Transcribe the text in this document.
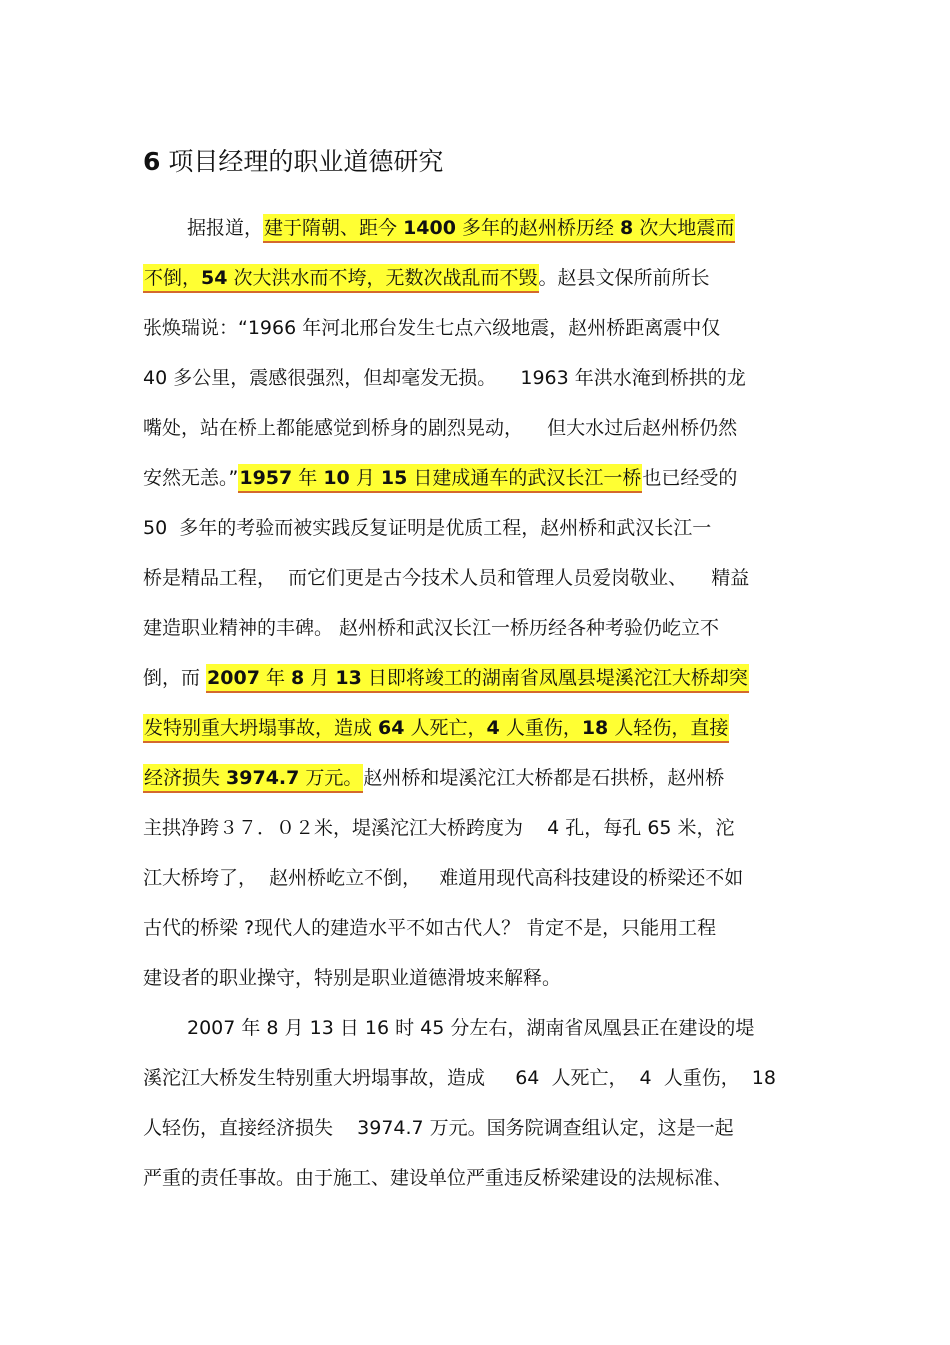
6 项目经理的职业道德研究
据报道，建于隋朝、距今 1400 多年的赵州桥历经 8 次大地震而
不倒，54 次大洪水而不垮，无数次战乱而不毁。赵县文保所前所长
张焕瑞说：“1966 年河北邢台发生七点六级地震，赵州桥距离震中仅
40 多公里，震感很强烈，但却毫发无损。    1963 年洪水淹到桥拱的龙
嘴处，站在桥上都能感觉到桥身的剧烈晃动，    但大水过后赵州桥仍然
安然无恙。”1957 年 10 月 15 日建成通车的武汉长江一桥也已经受的
50  多年的考验而被实践反复证明是优质工程，赵州桥和武汉长江一
桥是精品工程，  而它们更是古今技术人员和管理人员爱岗敬业、    精益
建造职业精神的丰碑。 赵州桥和武汉长江一桥历经各种考验仍屹立不
倒，而 2007 年 8 月 13 日即将竣工的湖南省凤凰县堤溪沱江大桥却突
发特别重大坍塌事故，造成 64 人死亡，4 人重伤，18 人轻伤，直接
经济损失 3974.7 万元。赵州桥和堤溪沱江大桥都是石拱桥，赵州桥
主拱净跨３７．０２米，堤溪沱江大桥跨度为    4 孔，每孔 65 米，沱
江大桥垮了，  赵州桥屹立不倒，   难道用现代高科技建设的桥梁还不如
古代的桥梁 ?现代人的建造水平不如古代人？ 肯定不是，只能用工程
建设者的职业操守，特别是职业道德滑坡来解释。
2007 年 8 月 13 日 16 时 45 分左右，湖南省凤凰县正在建设的堤
溪沱江大桥发生特别重大坍塌事故，造成     64  人死亡，  4  人重伤，  18
人轻伤，直接经济损失    3974.7 万元。国务院调查组认定，这是一起
严重的责任事故。由于施工、建设单位严重违反桥梁建设的法规标准、
